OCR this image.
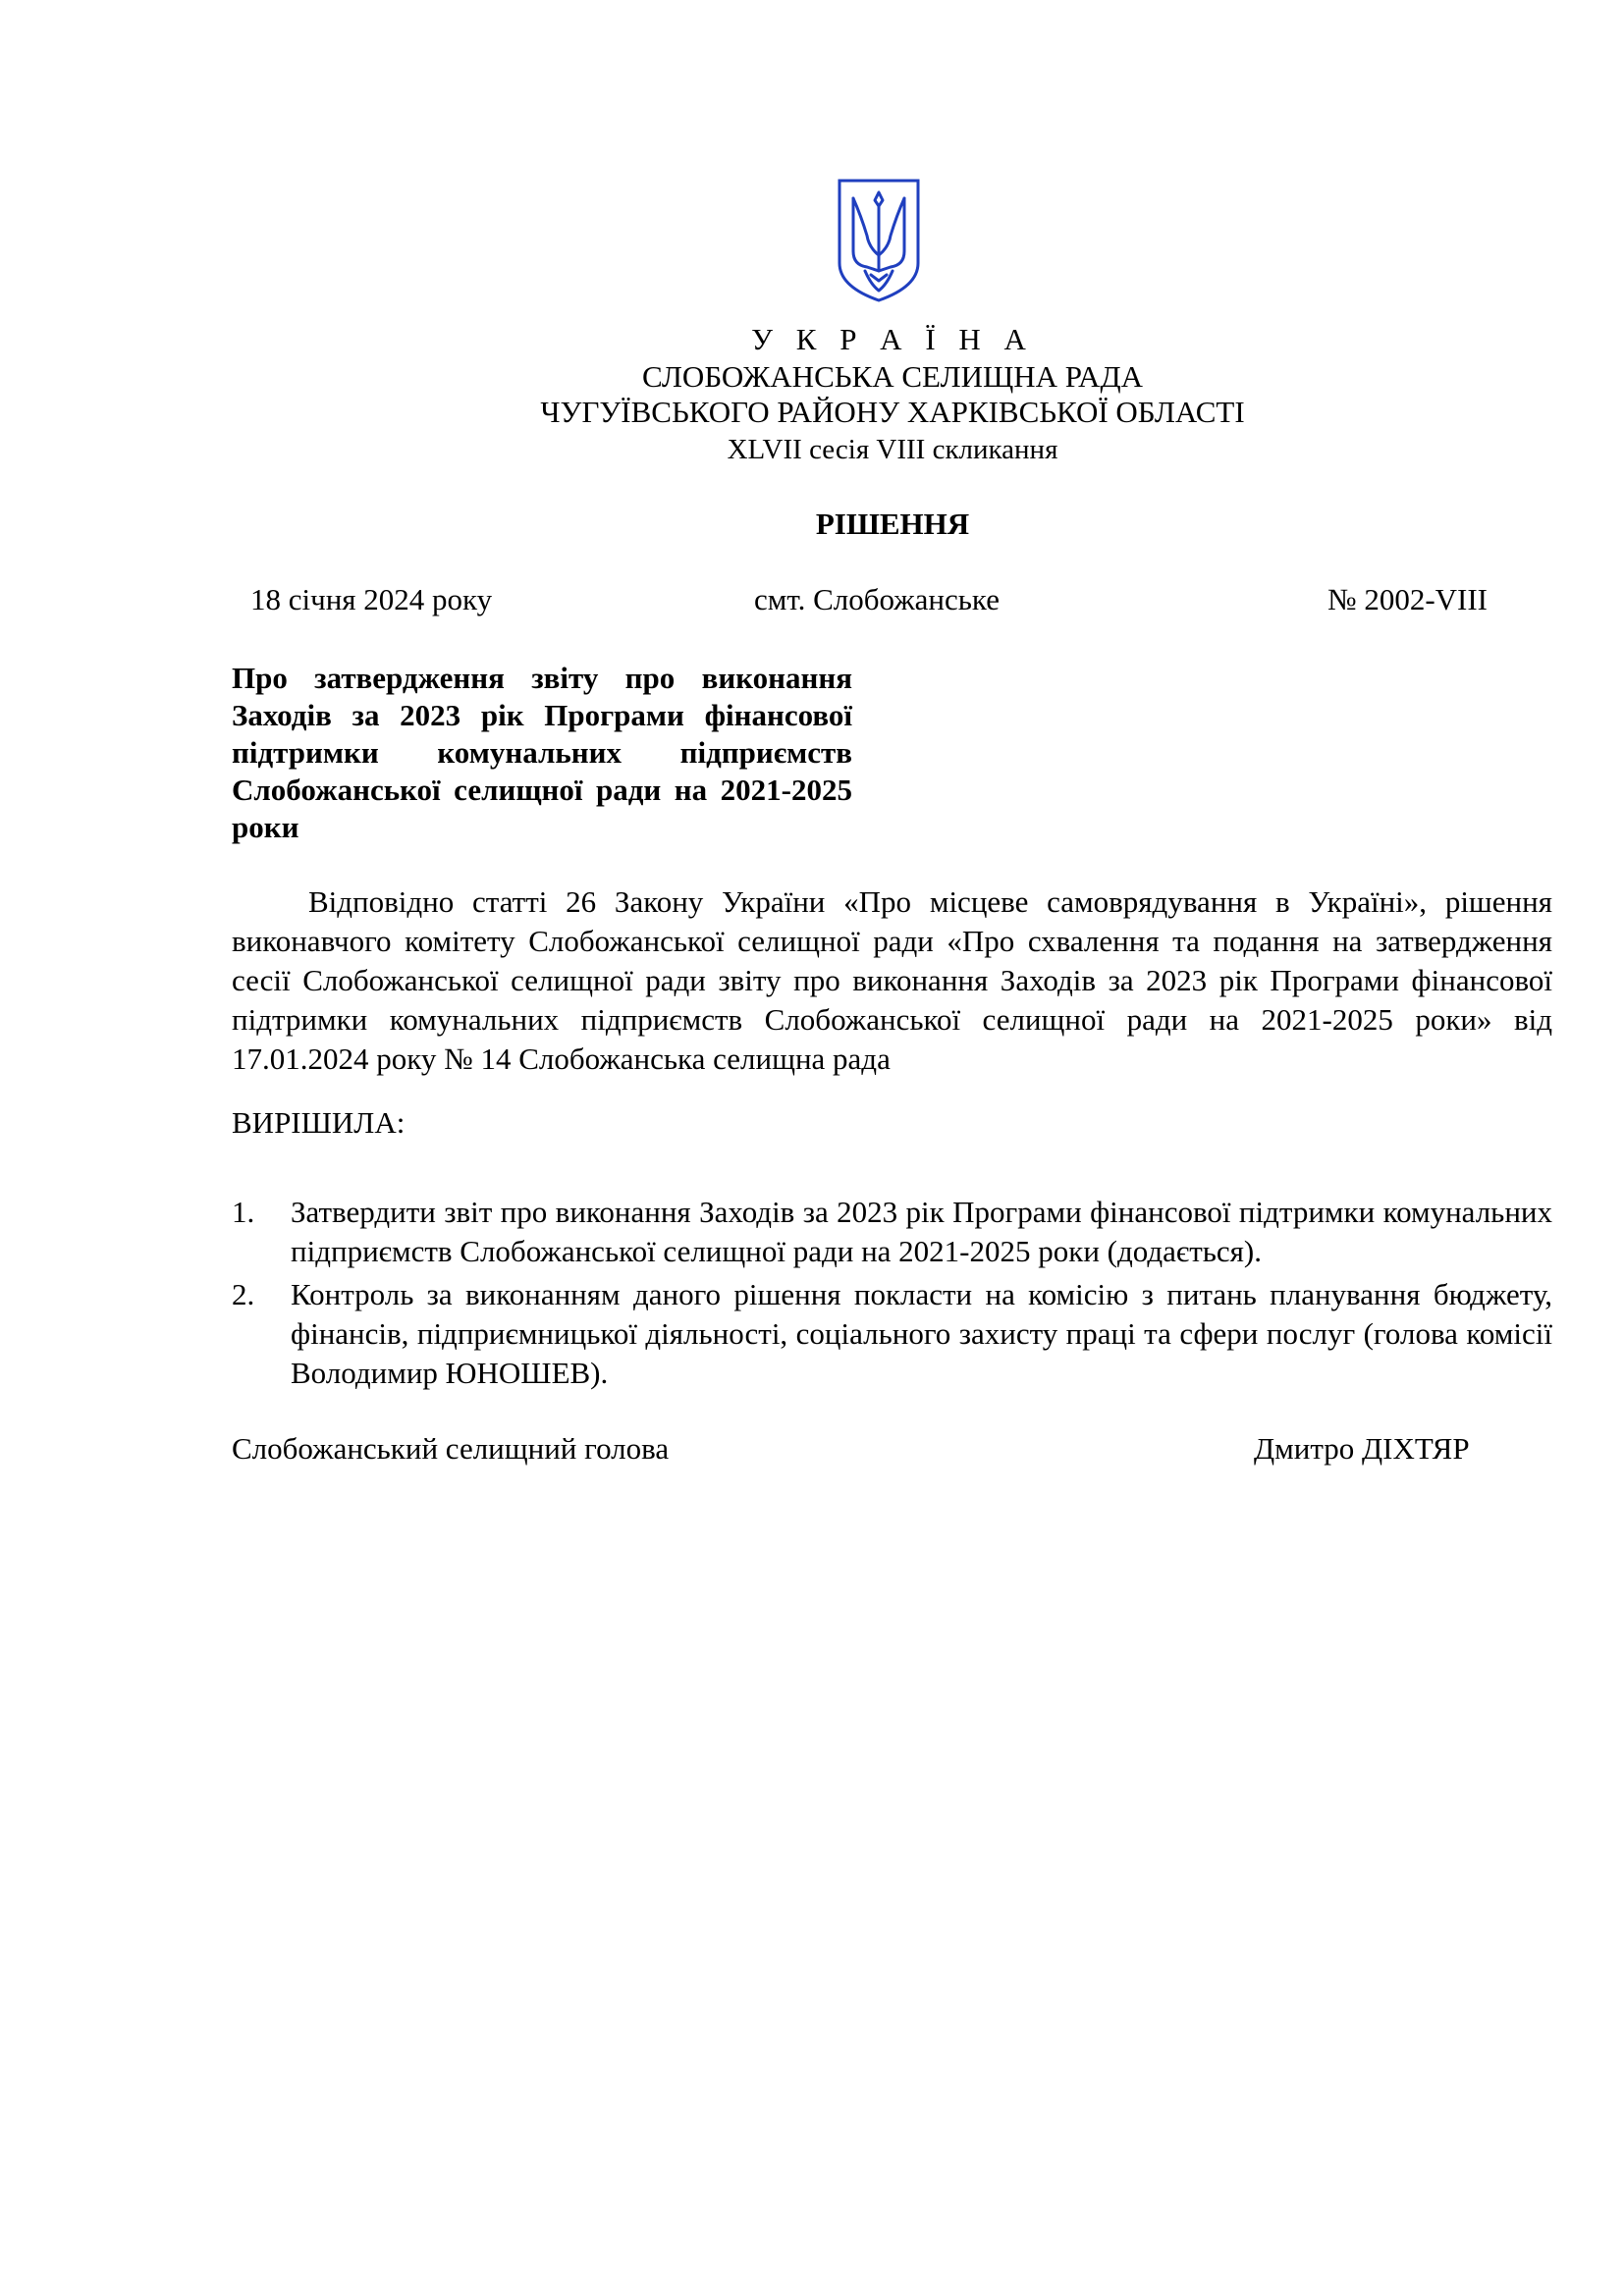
У К Р А Ї Н А
СЛОБОЖАНСЬКА СЕЛИЩНА РАДА
ЧУГУЇВСЬКОГО РАЙОНУ ХАРКІВСЬКОЇ ОБЛАСТІ
XLVII сесія VIII скликання
РІШЕННЯ
18 січня 2024 року	смт. Слобожанське	№ 2002-VIII
Про затвердження звіту про виконання Заходів за 2023 рік Програми фінансової підтримки комунальних підприємств Слобожанської селищної ради на 2021-2025 роки
Відповідно статті 26 Закону України «Про місцеве самоврядування в Україні», рішення виконавчого комітету Слобожанської селищної ради «Про схвалення та подання на затвердження сесії Слобожанської селищної ради звіту про виконання Заходів за 2023 рік Програми фінансової підтримки комунальних підприємств Слобожанської селищної ради на 2021-2025 роки» від 17.01.2024 року № 14 Слобожанська селищна рада
ВИРІШИЛА:
1. Затвердити звіт про виконання Заходів за 2023 рік Програми фінансової підтримки комунальних підприємств Слобожанської селищної ради на 2021-2025 роки (додається).
2. Контроль за виконанням даного рішення покласти на комісію з питань планування бюджету, фінансів, підприємницької діяльності, соціального захисту праці та сфери послуг (голова комісії Володимир ЮНОШЕВ).
Слобожанський селищний голова	Дмитро ДІХТЯР
